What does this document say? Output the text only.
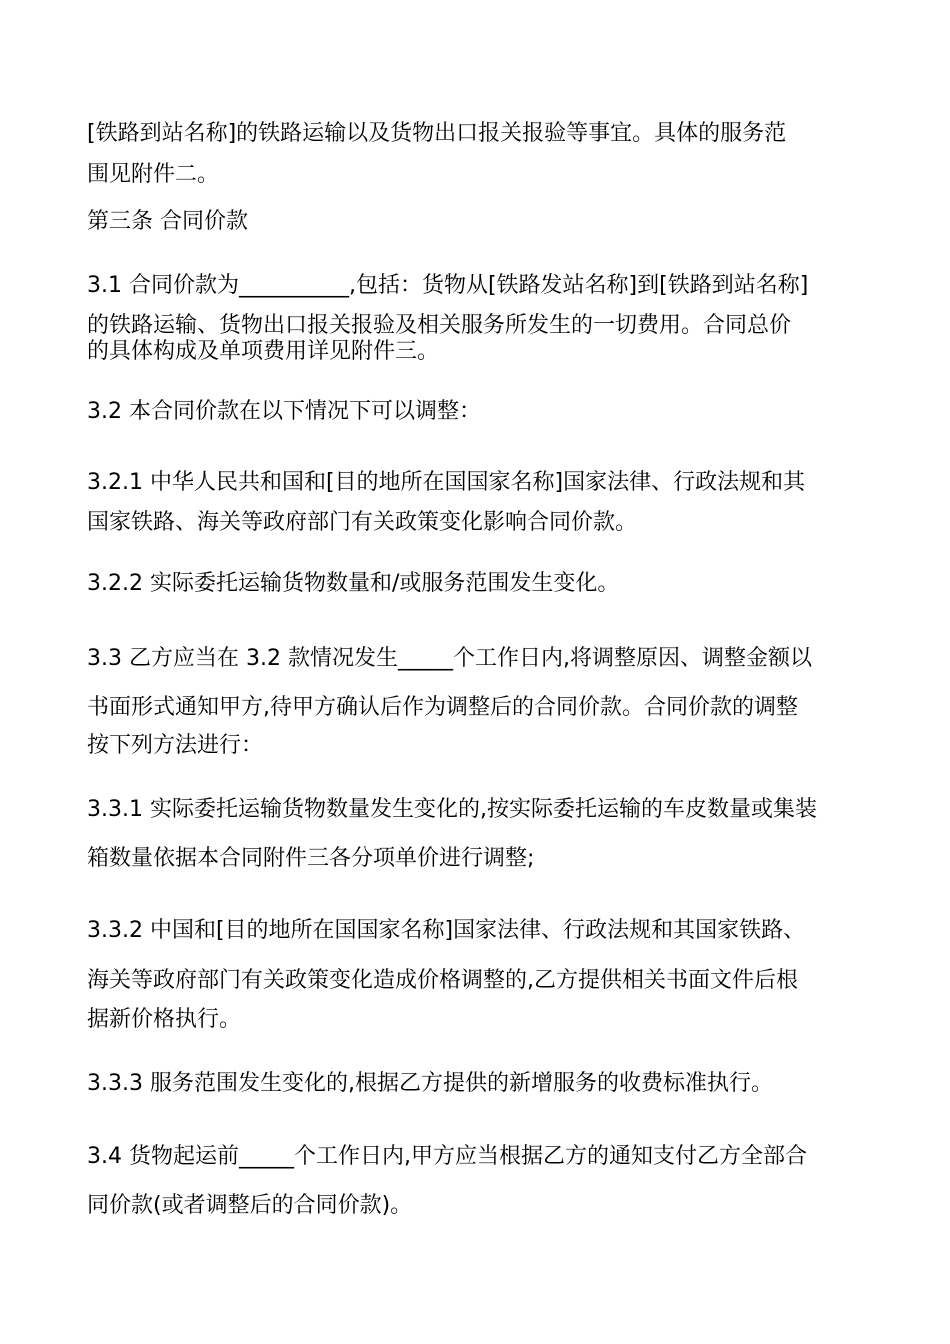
[铁路到站名称]的铁路运输以及货物出口报关报验等事宜。具体的服务范
围见附件二。
第三条 合同价款
3.1 合同价款为__________,包括：货物从[铁路发站名称]到[铁路到站名称]
的铁路运输、货物出口报关报验及相关服务所发生的一切费用。合同总价
的具体构成及单项费用详见附件三。
3.2 本合同价款在以下情况下可以调整：
3.2.1 中华人民共和国和[目的地所在国国家名称]国家法律、行政法规和其
国家铁路、海关等政府部门有关政策变化影响合同价款。
3.2.2 实际委托运输货物数量和/或服务范围发生变化。
3.3 乙方应当在 3.2 款情况发生_____个工作日内,将调整原因、调整金额以
书面形式通知甲方,待甲方确认后作为调整后的合同价款。合同价款的调整
按下列方法进行：
3.3.1 实际委托运输货物数量发生变化的,按实际委托运输的车皮数量或集装
箱数量依据本合同附件三各分项单价进行调整;
3.3.2 中国和[目的地所在国国家名称]国家法律、行政法规和其国家铁路、
海关等政府部门有关政策变化造成价格调整的,乙方提供相关书面文件后根
据新价格执行。
3.3.3 服务范围发生变化的,根据乙方提供的新增服务的收费标准执行。
3.4 货物起运前_____个工作日内,甲方应当根据乙方的通知支付乙方全部合
同价款(或者调整后的合同价款)。
